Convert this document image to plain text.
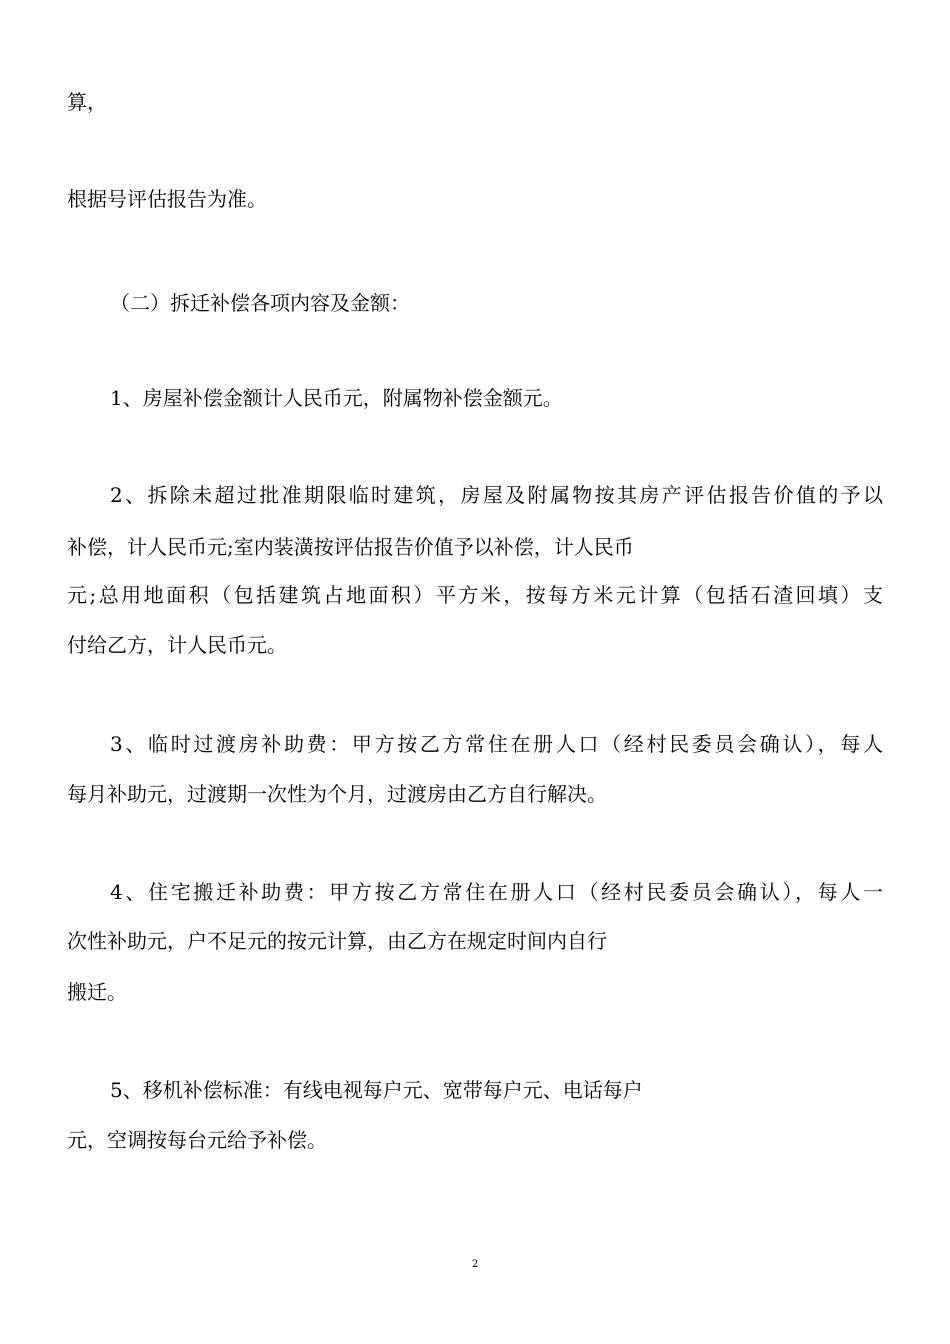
算，
根据号评估报告为准。
（二）拆迁补偿各项内容及金额：
1、房屋补偿金额计人民币元，附属物补偿金额元。
2、拆除未超过批准期限临时建筑，房屋及附属物按其房产评估报告价值的予以
补偿，计人民币元;室内装潢按评估报告价值予以补偿，计人民币
元;总用地面积（包括建筑占地面积）平方米，按每方米元计算（包括石渣回填）支
付给乙方，计人民币元。
3、临时过渡房补助费：甲方按乙方常住在册人口（经村民委员会确认），每人
每月补助元，过渡期一次性为个月，过渡房由乙方自行解决。
4、住宅搬迁补助费：甲方按乙方常住在册人口（经村民委员会确认），每人一
次性补助元，户不足元的按元计算，由乙方在规定时间内自行
搬迁。
5、移机补偿标准：有线电视每户元、宽带每户元、电话每户
元，空调按每台元给予补偿。
2
